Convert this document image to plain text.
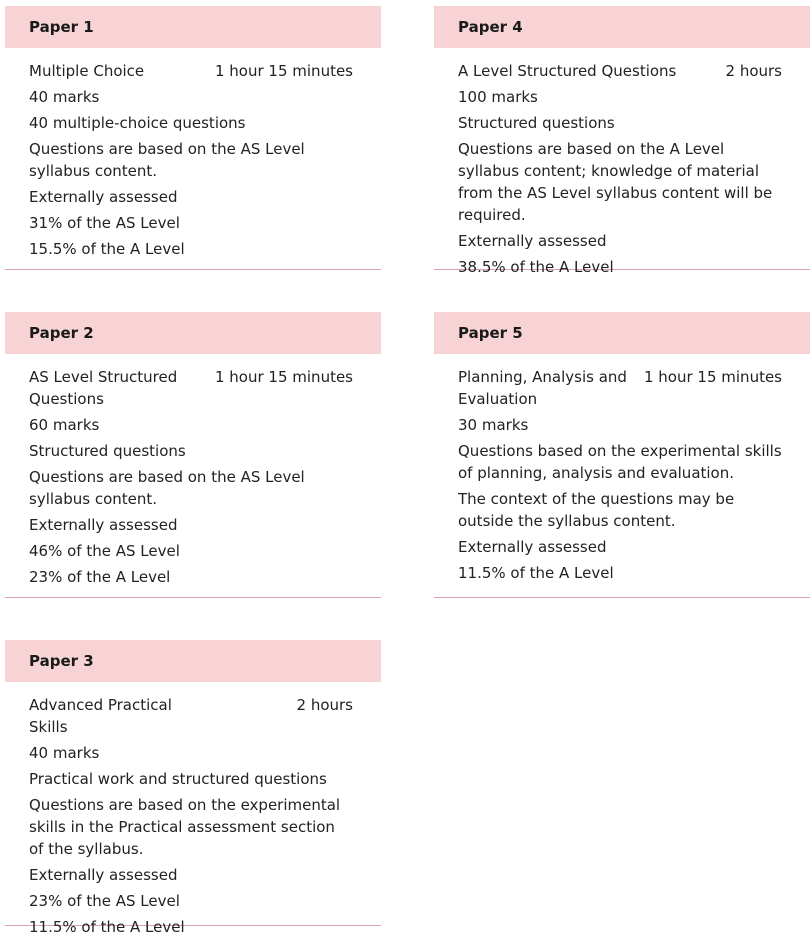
Paper 1
Multiple Choice	1 hour 15 minutes
40 marks
40 multiple-choice questions
Questions are based on the AS Level syllabus content.
Externally assessed
31% of the AS Level
15.5% of the A Level
Paper 2
AS Level Structured Questions
1 hour 15 minutes
60 marks
Structured questions
Questions are based on the AS Level syllabus content.
Externally assessed
46% of the AS Level
23% of the A Level
Paper 3
Advanced Practical Skills
2 hours
40 marks
Practical work and structured questions
Questions are based on the experimental skills in the Practical assessment section of the syllabus.
Externally assessed
23% of the AS Level
11.5% of the A Level
Paper 4
A Level Structured Questions	2 hours
100 marks
Structured questions
Questions are based on the A Level syllabus content; knowledge of material from the AS Level syllabus content will be required.
Externally assessed
38.5% of the A Level
Paper 5
Planning, Analysis and Evaluation
1 hour 15 minutes
30 marks
Questions based on the experimental skills of planning, analysis and evaluation.
The context of the questions may be outside the syllabus content.
Externally assessed
11.5% of the A Level
